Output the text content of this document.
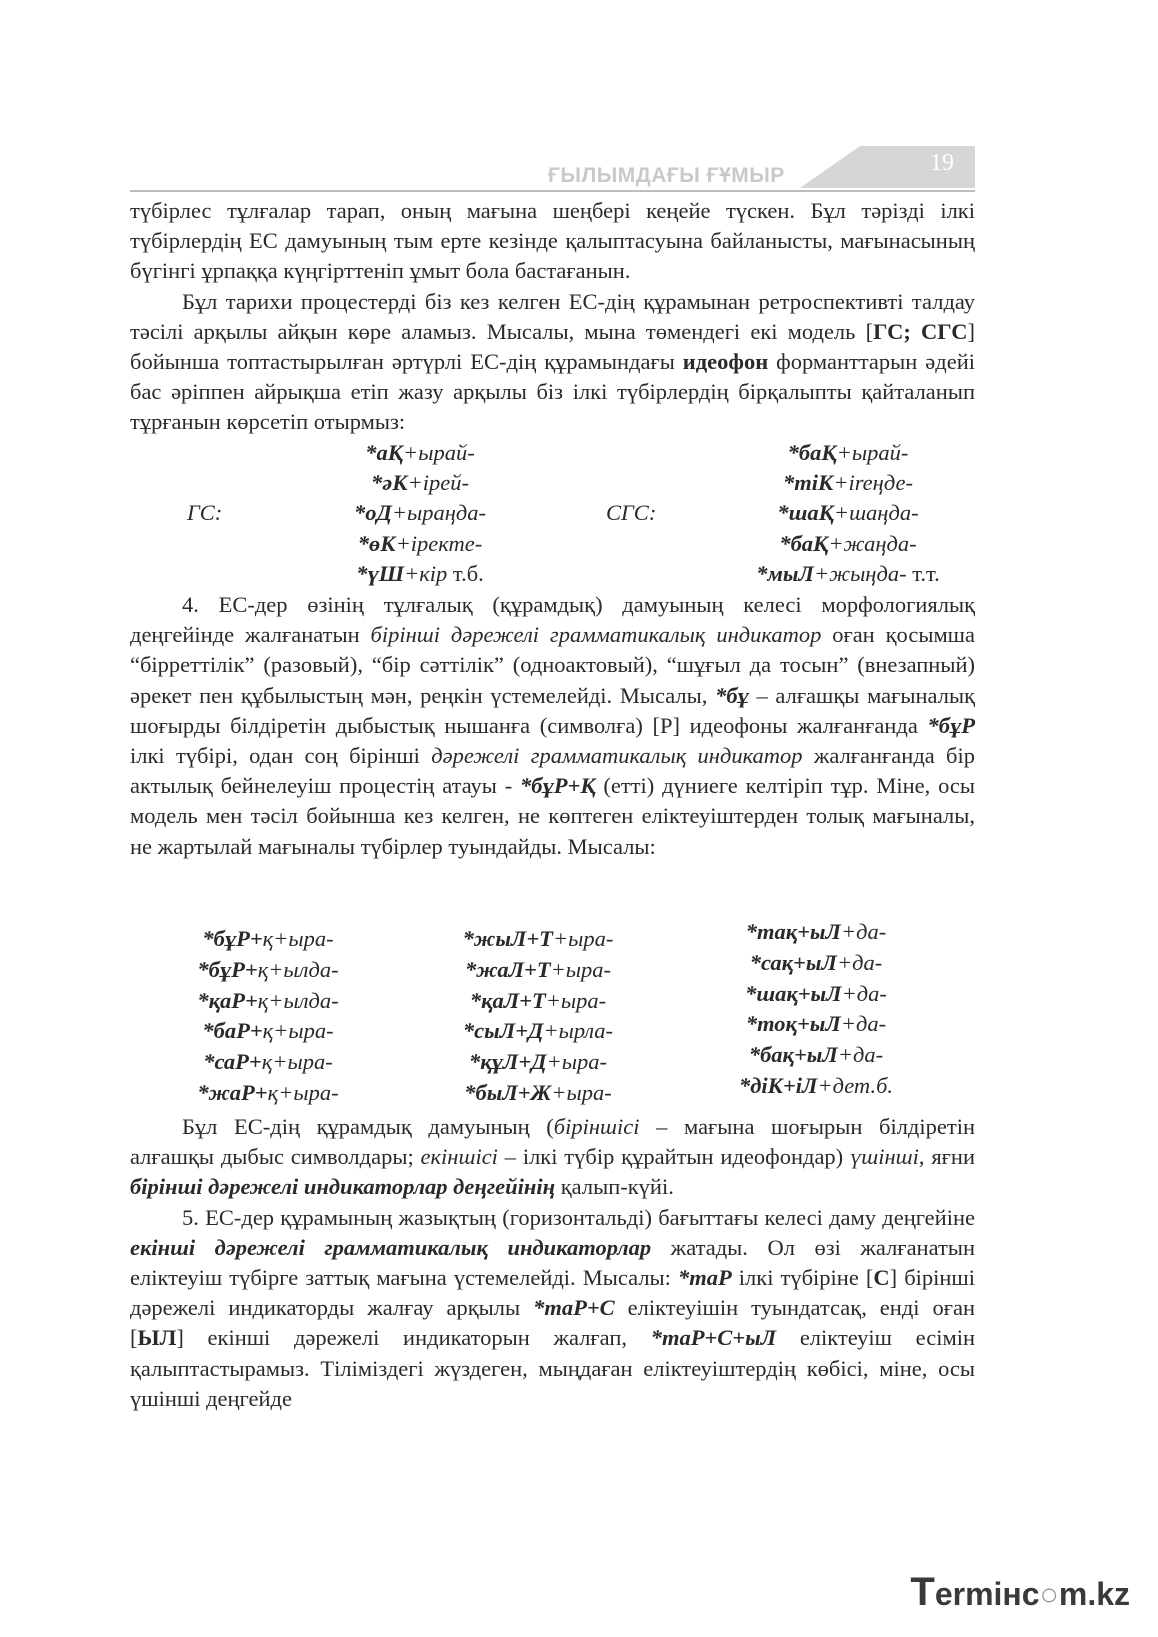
ҒЫЛЫМДАҒЫ ҒҰМЫР	19

түбірлес тұлғалар тарап, оның мағына шеңбері кеңейе түскен. Бұл тәрізді ілкі түбірлердің ЕС дамуының тым ерте кезінде қалыптасуына байланысты, мағынасының бүгінгі ұрпаққа күңгірттеніп ұмыт бола бастағанын.

Бұл тарихи процестерді біз кез келген ЕС-дің құрамынан ретроспективті талдау тәсілі арқылы айқын көре аламыз. Мысалы, мына төмендегі екі модель [ГС; СГС] бойынша топтастырылған әртүрлі ЕС-дің құрамындағы идеофон форманттарын әдейі бас әріппен айрықша етіп жазу арқылы біз ілкі түбірлердің бірқалыпты қайталанып тұрғанын көрсетіп отырмыз:

ГС:	СГС:
*аҚ+ырай-
*әК+ірей-
*оД+ыраңда-
*өК+іректе-
*үШ+кір т.б.
*баҚ+ырай-
*тіК+ireңде-
*шаҚ+шаңда-
*баҚ+жаңда-
*мыЛ+жыңда- т.т.

4. ЕС-дер өзінің тұлғалық (құрамдық) дамуының келесі морфологиялық деңгейінде жалғанатын бірінші дәрежелі грамматикалық индикатор оған қосымша “бірреттілік” (разовый), “бір сәттілік” (одноактовый), “шұғыл да тосын” (внезапный) әрекет пен құбылыстың мән, реңкін үстемелейді. Мысалы, *бұ – алғашқы мағыналық шоғырды білдіретін дыбыстық нышанға (символға) [Р] идеофоны жалғанғанда *бұР ілкі түбірі, одан соң бірінші дәрежелі грамматикалық индикатор жалғанғанда бір актылық бейнелеуіш процестің атауы - *бұР+Қ (етті) дүниеге келтіріп тұр. Міне, осы модель мен тәсіл бойынша кез келген, не көптеген еліктеуіштерден толық мағыналы, не жартылай мағыналы түбірлер туындайды. Мысалы:

*бұР+қ+ыра-
*бұР+қ+ылда-
*қаР+қ+ылда-
*баР+қ+ыра-
*саР+қ+ыра-
*жаР+қ+ыра-
*жыЛ+Т+ыра-
*жаЛ+Т+ыра-
*қаЛ+Т+ыра-
*сыЛ+Д+ырла-
*құЛ+Д+ыра-
*быЛ+Ж+ыра-
*тақ+ыЛ+да-
*сақ+ыЛ+да-
*шақ+ыЛ+да-
*тоқ+ыЛ+да-
*бақ+ыЛ+да-
*діК+іЛ+дет.б.

Бұл ЕС-дің құрамдық дамуының (біріншісі – мағына шоғырын білдіретін алғашқы дыбыс символдары; екіншісі – ілкі түбір құрайтын идеофондар) үшінші, яғни бірінші дәрежелі индикаторлар деңгейінің қалып-күйі.

5. ЕС-дер құрамының жазықтың (горизонтальді) бағыттағы келесі даму деңгейіне екінші дәрежелі грамматикалық индикаторлар жатады. Ол өзі жалғанатын еліктеуіш түбірге заттық мағына үстемелейді. Мысалы: *таР ілкі түбіріне [С] бірінші дәрежелі индикаторды жалғау арқылы *таР+С еліктеуішін туындатсақ, енді оған [ЫЛ] екінші дәрежелі индикаторын жалғап, *таР+С+ыЛ еліктеуіш есімін қалыптастырамыз. Тіліміздегі жүздеген, мыңдаған еліктеуіштердің көбісі, міне, осы үшінші деңгейде

Termінc○m.kz
